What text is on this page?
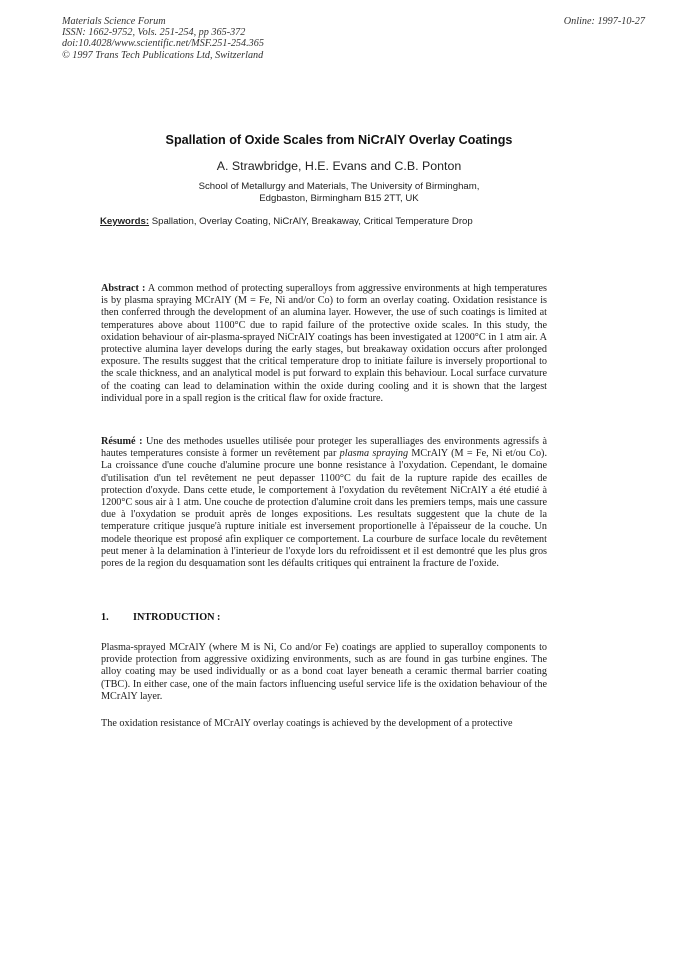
Materials Science Forum
ISSN: 1662-9752, Vols. 251-254, pp 365-372
doi:10.4028/www.scientific.net/MSF.251-254.365
© 1997 Trans Tech Publications Ltd, Switzerland
Online: 1997-10-27
Spallation of Oxide Scales from NiCrAlY Overlay Coatings
A. Strawbridge, H.E. Evans and C.B. Ponton
School of Metallurgy and Materials, The University of Birmingham,
Edgbaston, Birmingham B15 2TT, UK
Keywords: Spallation, Overlay Coating, NiCrAlY, Breakaway, Critical Temperature Drop
Abstract : A common method of protecting superalloys from aggressive environments at high temperatures is by plasma spraying MCrAlY (M = Fe, Ni and/or Co) to form an overlay coating. Oxidation resistance is then conferred through the development of an alumina layer. However, the use of such coatings is limited at temperatures above about 1100°C due to rapid failure of the protective oxide scales. In this study, the oxidation behaviour of air-plasma-sprayed NiCrAlY coatings has been investigated at 1200°C in 1 atm air. A protective alumina layer develops during the early stages, but breakaway oxidation occurs after prolonged exposure. The results suggest that the critical temperature drop to initiate failure is inversely proportional to the scale thickness, and an analytical model is put forward to explain this behaviour. Local surface curvature of the coating can lead to delamination within the oxide during cooling and it is shown that the largest individual pore in a spall region is the critical flaw for oxide fracture.
Résumé : Une des methodes usuelles utilisée pour proteger les superalliages des environments agressifs à hautes temperatures consiste à former un revêtement par plasma spraying MCrAlY (M = Fe, Ni et/ou Co). La croissance d'une couche d'alumine procure une bonne resistance à l'oxydation. Cependant, le domaine d'utilisation d'un tel revêtement ne peut depasser 1100°C du fait de la rupture rapide des ecailles de protection d'oxyde. Dans cette etude, le comportement à l'oxydation du revêtement NiCrAlY a été etudié à 1200°C sous air à 1 atm. Une couche de protection d'alumine croit dans les premiers temps, mais une cassure due à l'oxydation se produit après de longes expositions. Les resultats suggestent que la chute de la temperature critique jusque'à rupture initiale est inversement proportionelle à l'épaisseur de la couche. Un modele theorique est proposé afin expliquer ce comportement. La courbure de surface locale du revêtement peut mener à la delamination à l'interieur de l'oxyde lors du refroidissent et il est demontré que les plus gros pores de la region du desquamation sont les défaults critiques qui entrainent la fracture de l'oxide.
1. INTRODUCTION :
Plasma-sprayed MCrAlY (where M is Ni, Co and/or Fe) coatings are applied to superalloy components to provide protection from aggressive oxidizing environments, such as are found in gas turbine engines. The alloy coating may be used individually or as a bond coat layer beneath a ceramic thermal barrier coating (TBC). In either case, one of the main factors influencing useful service life is the oxidation behaviour of the MCrAlY layer.
The oxidation resistance of MCrAlY overlay coatings is achieved by the development of a protective
